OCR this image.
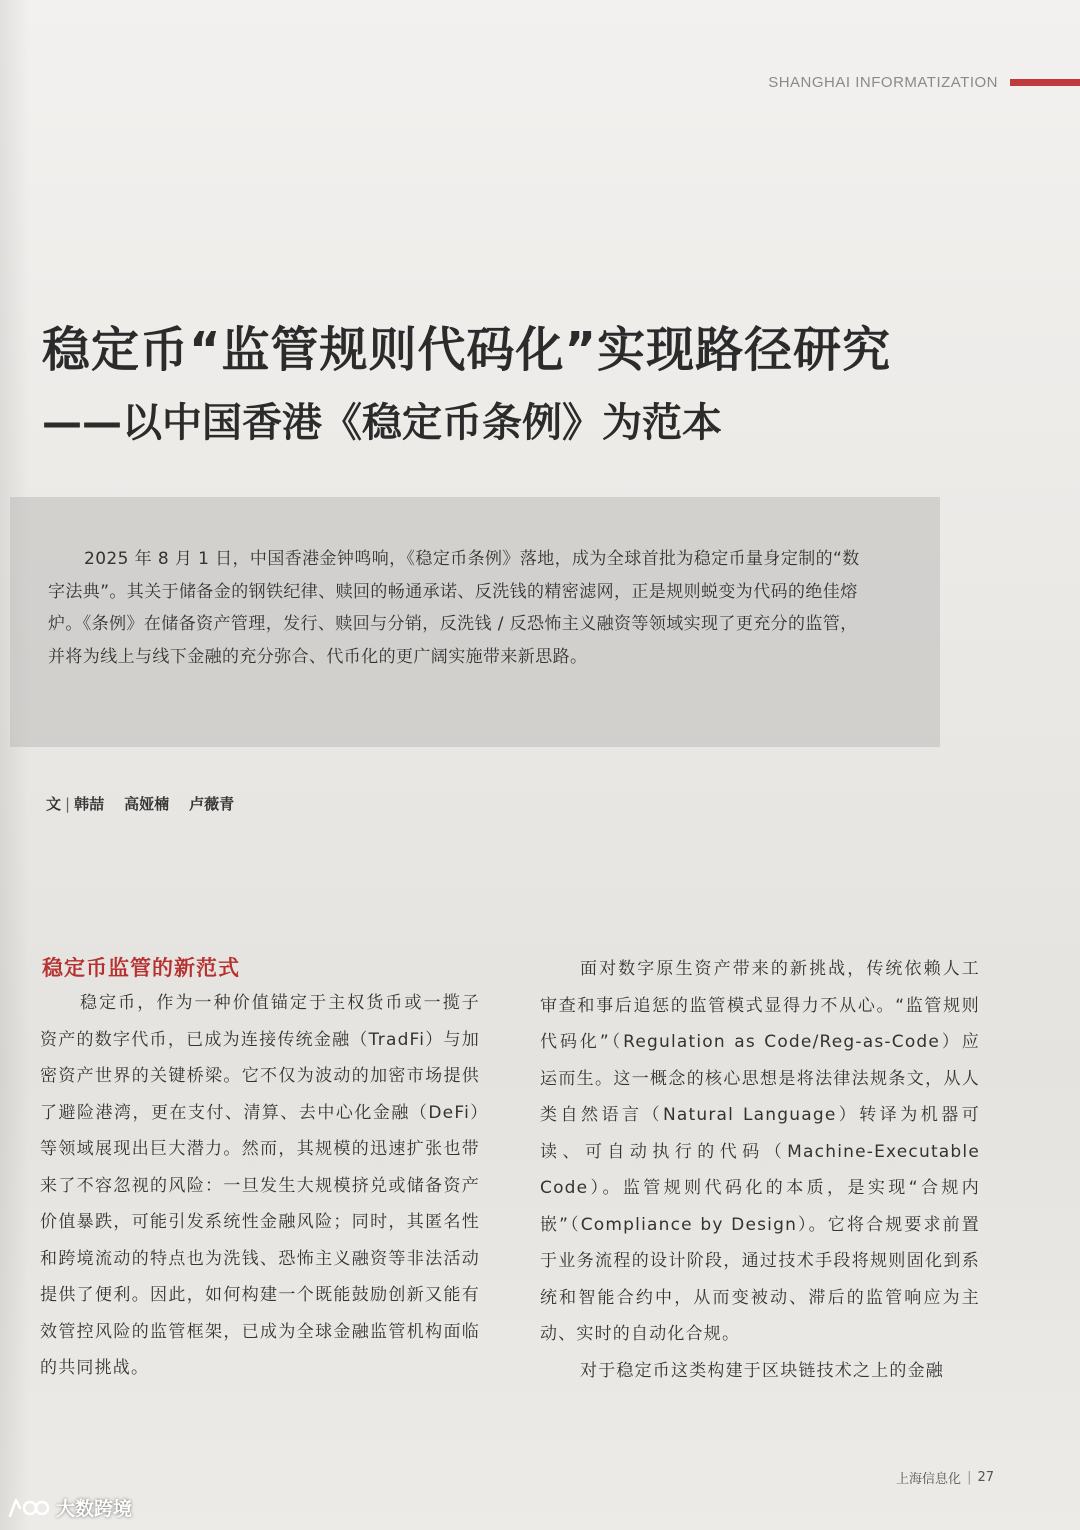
SHANGHAI INFORMATIZATION
稳定币“监管规则代码化”实现路径研究
——以中国香港《稳定币条例》为范本
2025 年 8 月 1 日，中国香港金钟鸣响，《稳定币条例》落地，成为全球首批为稳定币量身定制的“数字法典”。其关于储备金的钢铁纪律、赎回的畅通承诺、反洗钱的精密滤网，正是规则蜕变为代码的绝佳熔炉。《条例》在储备资产管理，发行、赎回与分销，反洗钱 / 反恐怖主义融资等领域实现了更充分的监管，并将为线上与线下金融的充分弥合、代币化的更广阔实施带来新思路。
文 | 韩喆 高娅楠 卢薇青
稳定币监管的新范式

稳定币，作为一种价值锚定于主权货币或一揽子资产的数字代币，已成为连接传统金融（TradFi）与加密资产世界的关键桥梁。它不仅为波动的加密市场提供了避险港湾，更在支付、清算、去中心化金融（DeFi）等领域展现出巨大潜力。然而，其规模的迅速扩张也带来了不容忽视的风险：一旦发生大规模挤兑或储备资产价值暴跌，可能引发系统性金融风险；同时，其匿名性和跨境流动的特点也为洗钱、恐怖主义融资等非法活动提供了便利。因此，如何构建一个既能鼓励创新又能有效管控风险的监管框架，已成为全球金融监管机构面临的共同挑战。

面对数字原生资产带来的新挑战，传统依赖人工审查和事后追惩的监管模式显得力不从心。“监管规则代码化”（Regulation as Code/Reg-as-Code）应运而生。这一概念的核心思想是将法律法规条文，从人类自然语言（Natural Language）转译为机器可读、可自动执行的代码（Machine-Executable Code）。监管规则代码化的本质，是实现“合规内嵌”（Compliance by Design）。它将合规要求前置于业务流程的设计阶段，通过技术手段将规则固化到系统和智能合约中，从而变被动、滞后的监管响应为主动、实时的自动化合规。

对于稳定币这类构建于区块链技术之上的金融

上海信息化 | 27
大数跨境
